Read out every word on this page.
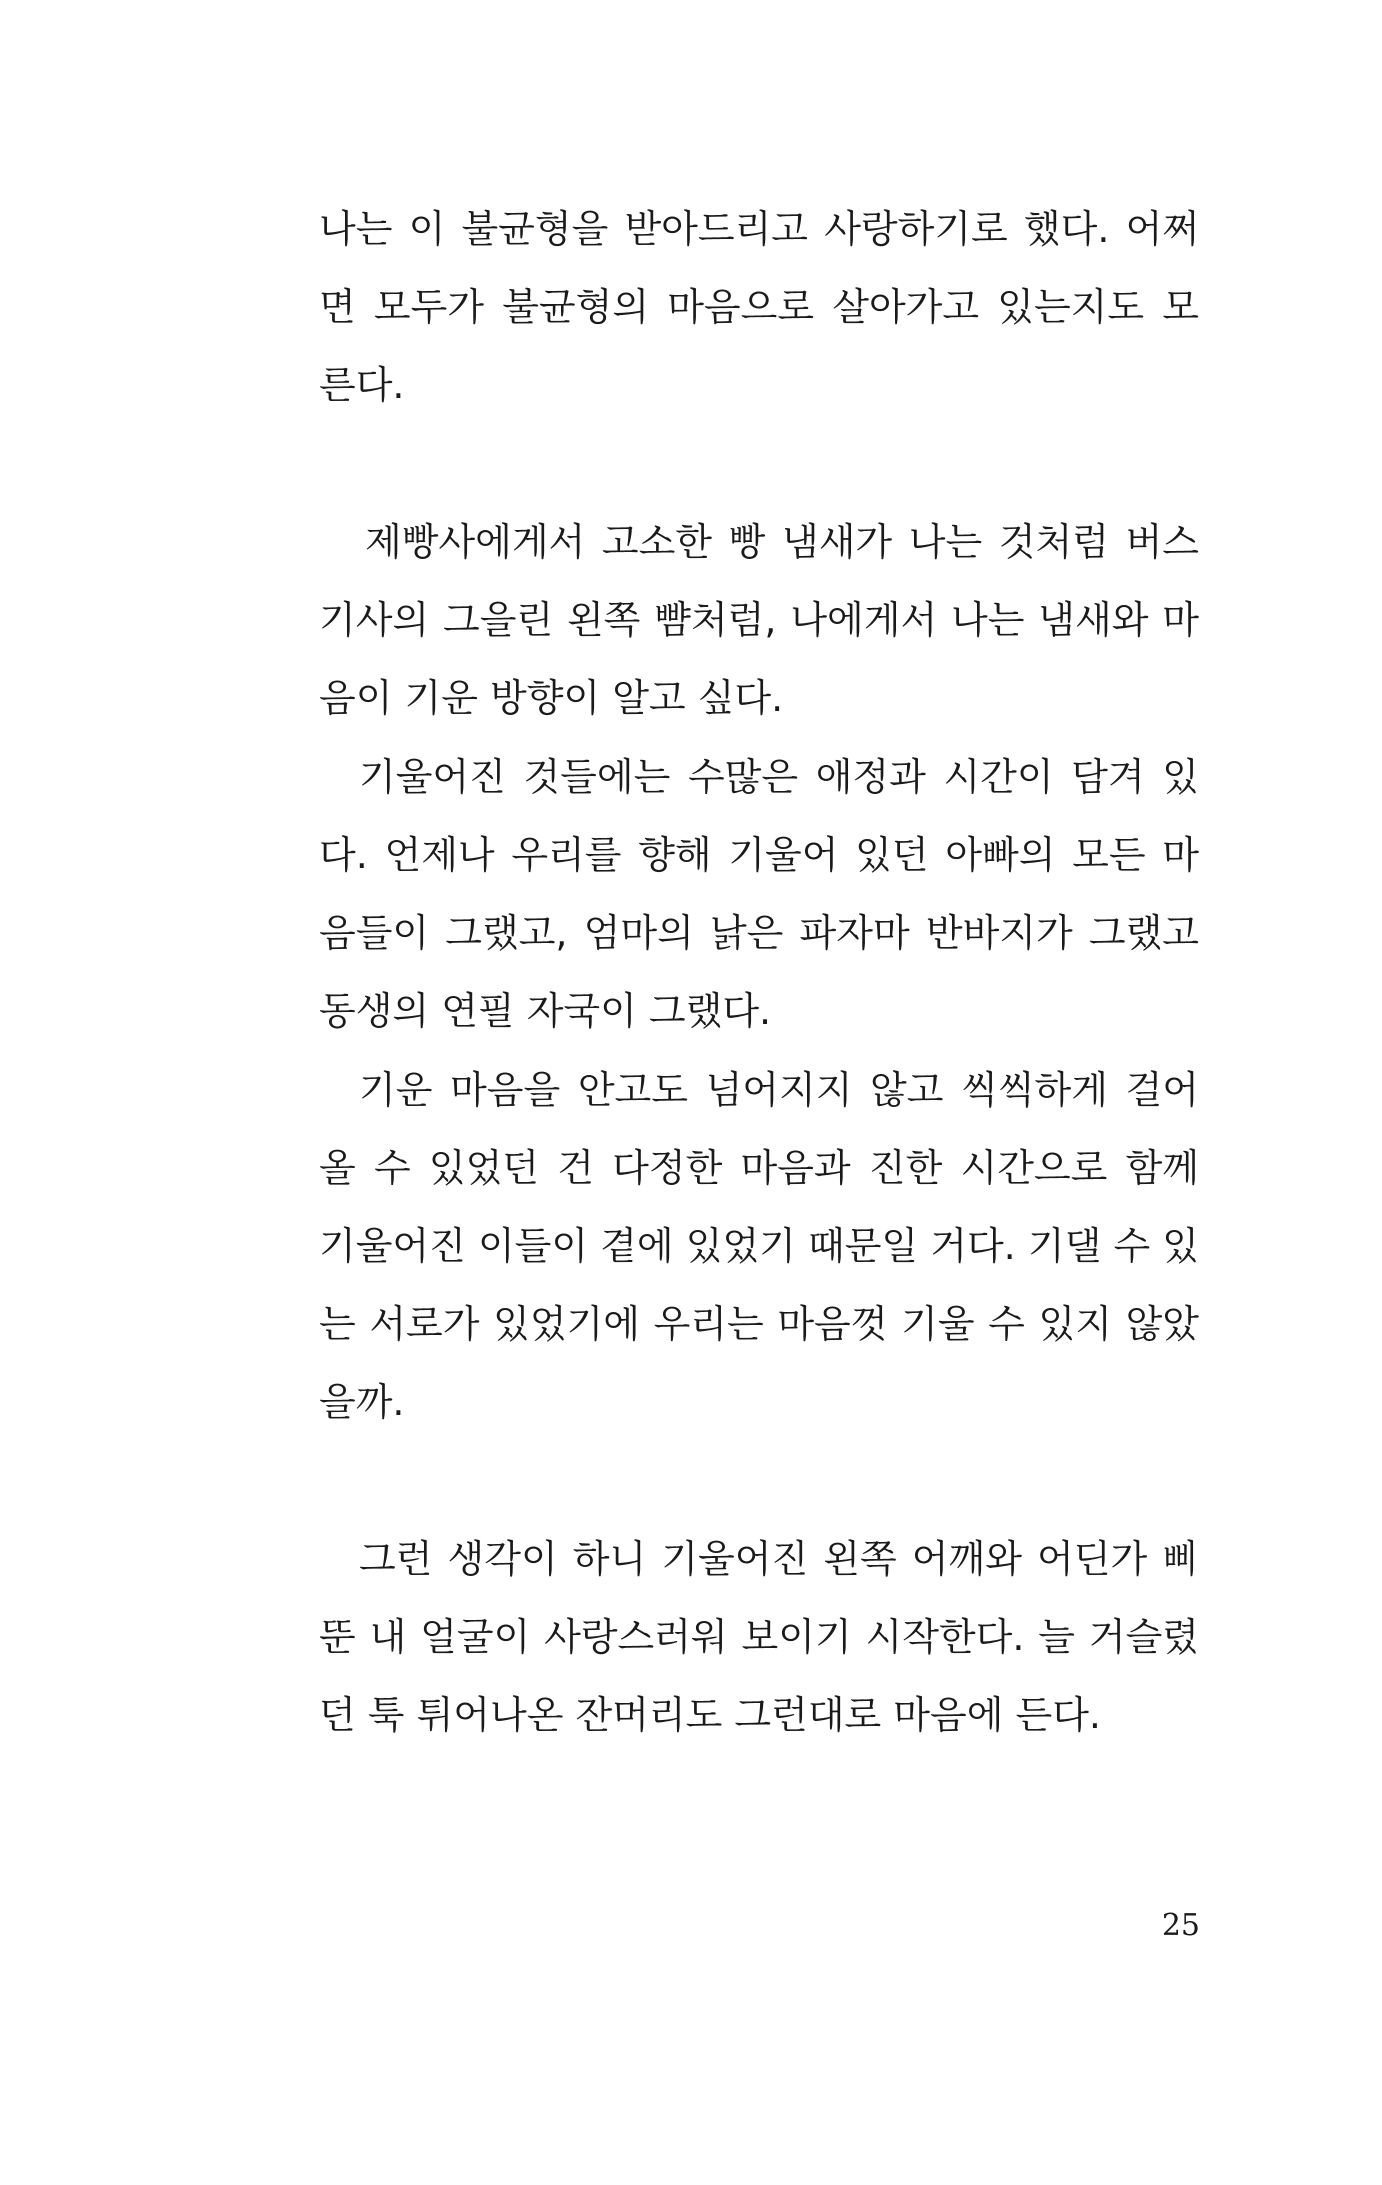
나는 이 불균형을 받아드리고 사랑하기로 했다. 어쩌
면 모두가 불균형의 마음으로 살아가고 있는지도 모
른다.
제빵사에게서 고소한 빵 냄새가 나는 것처럼 버스
기사의 그을린 왼쪽 뺨처럼, 나에게서 나는 냄새와 마
음이 기운 방향이 알고 싶다.
기울어진 것들에는 수많은 애정과 시간이 담겨 있
다. 언제나 우리를 향해 기울어 있던 아빠의 모든 마
음들이 그랬고, 엄마의 낡은 파자마 반바지가 그랬고
동생의 연필 자국이 그랬다.
기운 마음을 안고도 넘어지지 않고 씩씩하게 걸어
올 수 있었던 건 다정한 마음과 진한 시간으로 함께
기울어진 이들이 곁에 있었기 때문일 거다. 기댈 수 있
는 서로가 있었기에 우리는 마음껏 기울 수 있지 않았
을까.
그런 생각이 하니 기울어진 왼쪽 어깨와 어딘가 삐
뚠 내 얼굴이 사랑스러워 보이기 시작한다. 늘 거슬렸
던 툭 튀어나온 잔머리도 그런대로 마음에 든다.
25
